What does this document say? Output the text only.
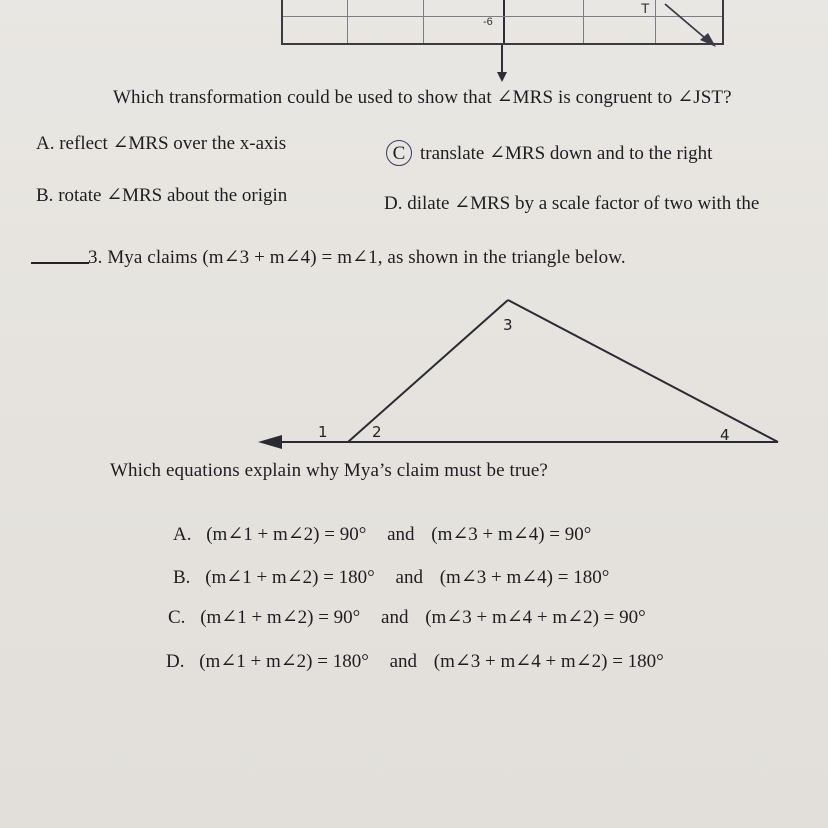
-6
T
Which transformation could be used to show that ∠MRS is congruent to ∠JST?
A. reflect ∠MRS over the x-axis	C translate ∠MRS down and to the right
B. rotate ∠MRS about the origin	D. dilate ∠MRS by a scale factor of two with the
3. Mya claims (m∠3 + m∠4) = m∠1, as shown in the triangle below.
3
1	2	4
Which equations explain why Mya’s claim must be true?
A. (m∠1 + m∠2) = 90° and (m∠3 + m∠4) = 90°
B. (m∠1 + m∠2) = 180° and (m∠3 + m∠4) = 180°
C. (m∠1 + m∠2) = 90° and (m∠3 + m∠4 + m∠2) = 90°
D. (m∠1 + m∠2) = 180° and (m∠3 + m∠4 + m∠2) = 180°
